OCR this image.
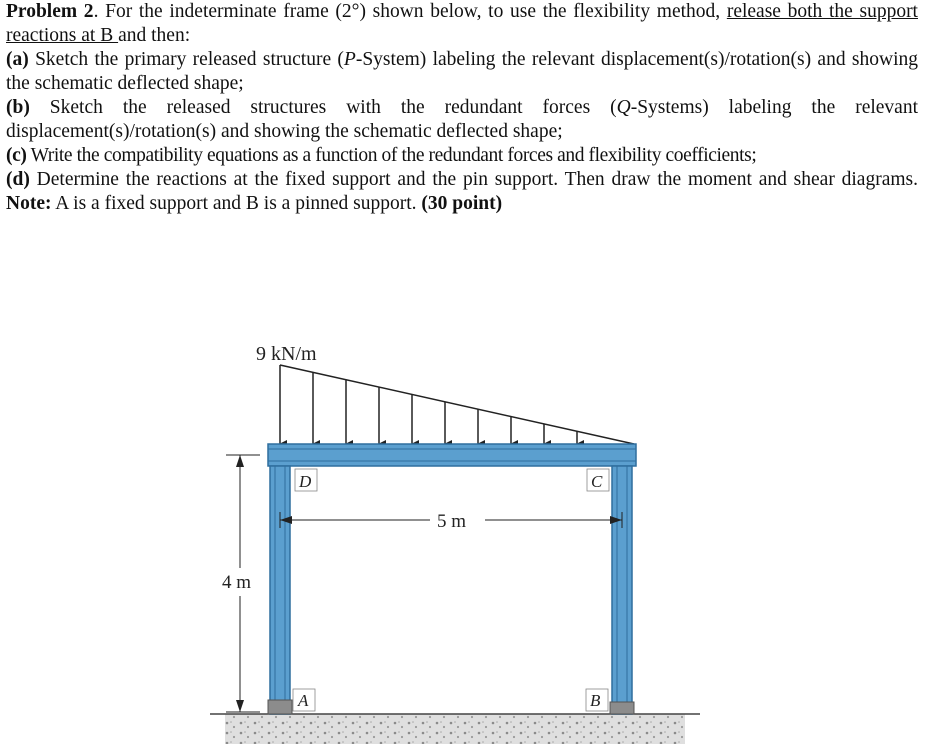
Problem 2. For the indeterminate frame (2°) shown below, to use the flexibility method, release both the support reactions at B and then:

(a) Sketch the primary released structure (P-System) labeling the relevant displacement(s)/rotation(s) and showing the schematic deflected shape;

(b) Sketch the released structures with the redundant forces (Q-Systems) labeling the relevant displacement(s)/rotation(s) and showing the schematic deflected shape;

(c) Write the compatibility equations as a function of the redundant forces and flexibility coefficients;

(d) Determine the reactions at the fixed support and the pin support. Then draw the moment and shear diagrams. Note: A is a fixed support and B is a pinned support. (30 point)

9 kN/m
D	C
A	B
5 m
4 m
